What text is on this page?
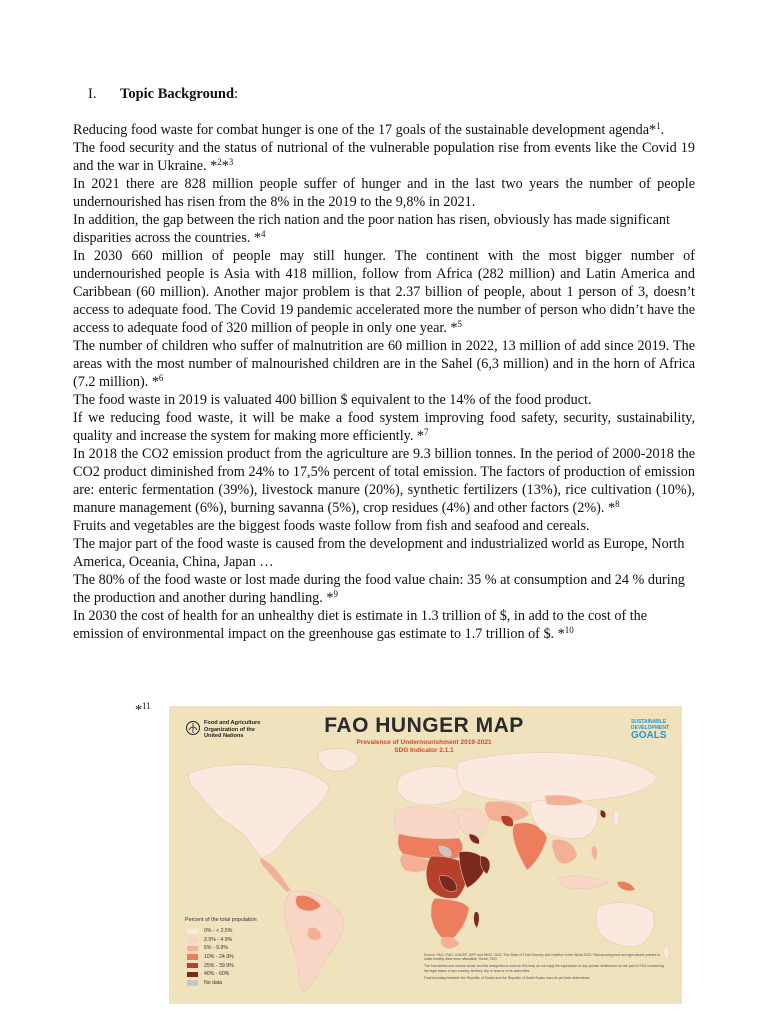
I. Topic Background:

Reducing food waste for combat hunger is one of the 17 goals of the sustainable development agenda*$^1$.

The food security and the status of nutrional of the vulnerable population rise from events like the Covid 19 and the war in Ukraine. *$^2$*$^3$

In 2021 there are 828 million people suffer of hunger and in the last two years the number of people undernourished has risen from the 8% in the 2019 to the 9,8% in 2021.

In addition, the gap between the rich nation and the poor nation has risen, obviously has made significant disparities across the countries. *$^4$

In 2030 660 million of people may still hunger. The continent with the most bigger number of undernourished people is Asia with 418 million, follow from Africa (282 million) and Latin America and Caribbean (60 million). Another major problem is that 2.37 billion of people, about 1 person of 3, doesn’t access to adequate food. The Covid 19 pandemic accelerated more the number of person who didn’t have the access to adequate food of 320 million of people in only one year. *$^5$

The number of children who suffer of malnutrition are 60 million in 2022, 13 million of add since 2019. The areas with the most number of malnourished children are in the Sahel (6,3 million) and in the horn of Africa (7.2 million). *$^6$

The food waste in 2019 is valuated 400 billion $ equivalent to the 14% of the food product.

If we reducing food waste, it will be make a food system improving food safety, security, sustainability, quality and increase the system for making more efficiently. *$^7$

In 2018 the CO2 emission product from the agriculture are 9.3 billion tonnes. In the period of 2000-2018 the CO2 product diminished from 24% to 17,5% percent of total emission. The factors of production of emission are: enteric fermentation (39%), livestock manure (20%), synthetic fertilizers (13%), rice cultivation (10%), manure management (6%), burning savanna (5%), crop residues (4%) and other factors (2%). *$^8$

Fruits and vegetables are the biggest foods waste follow from fish and seafood and cereals.

The major part of the food waste is caused from the development and industrialized world as Europe, North America, Oceania, China, Japan …

The 80% of the food waste or lost made during the food value chain: 35 % at consumption and 24 % during the production and another during handling. *$^9$

In 2030 the cost of health for an unhealthy diet is estimate in 1.3 trillion of $, in add to the cost of the emission of environmental impact on the greenhouse gas estimate to 1.7 trillion of $. *$^{10}$

*$^{11}$
Food and Agriculture Organization of the United Nations	FAO HUNGER MAP
Prevalence of Undernourishment 2019-2021
SDG Indicator 2.1.1
SUSTAINABLE DEVELOPMENT
GOALS
Percent of the total population
0% - < 2.5%
2.5% - 4.9%
5% - 9.9%
10% - 24.9%
25% - 39.9%
40% - 60%
No data

Source: FAO, IFAD, UNICEF, WFP and WHO. 2022. The State of Food Security and Nutrition in the World 2022. Repurposing food and agricultural policies to make healthy diets more affordable. Rome, FAO.

The boundaries and names shown and the designations used on this map do not imply the expression of any opinion whatsoever on the part of FAO concerning the legal status of any country, territory, city or area or of its authorities.

Final boundary between the Republic of Sudan and the Republic of South Sudan has not yet been determined.
